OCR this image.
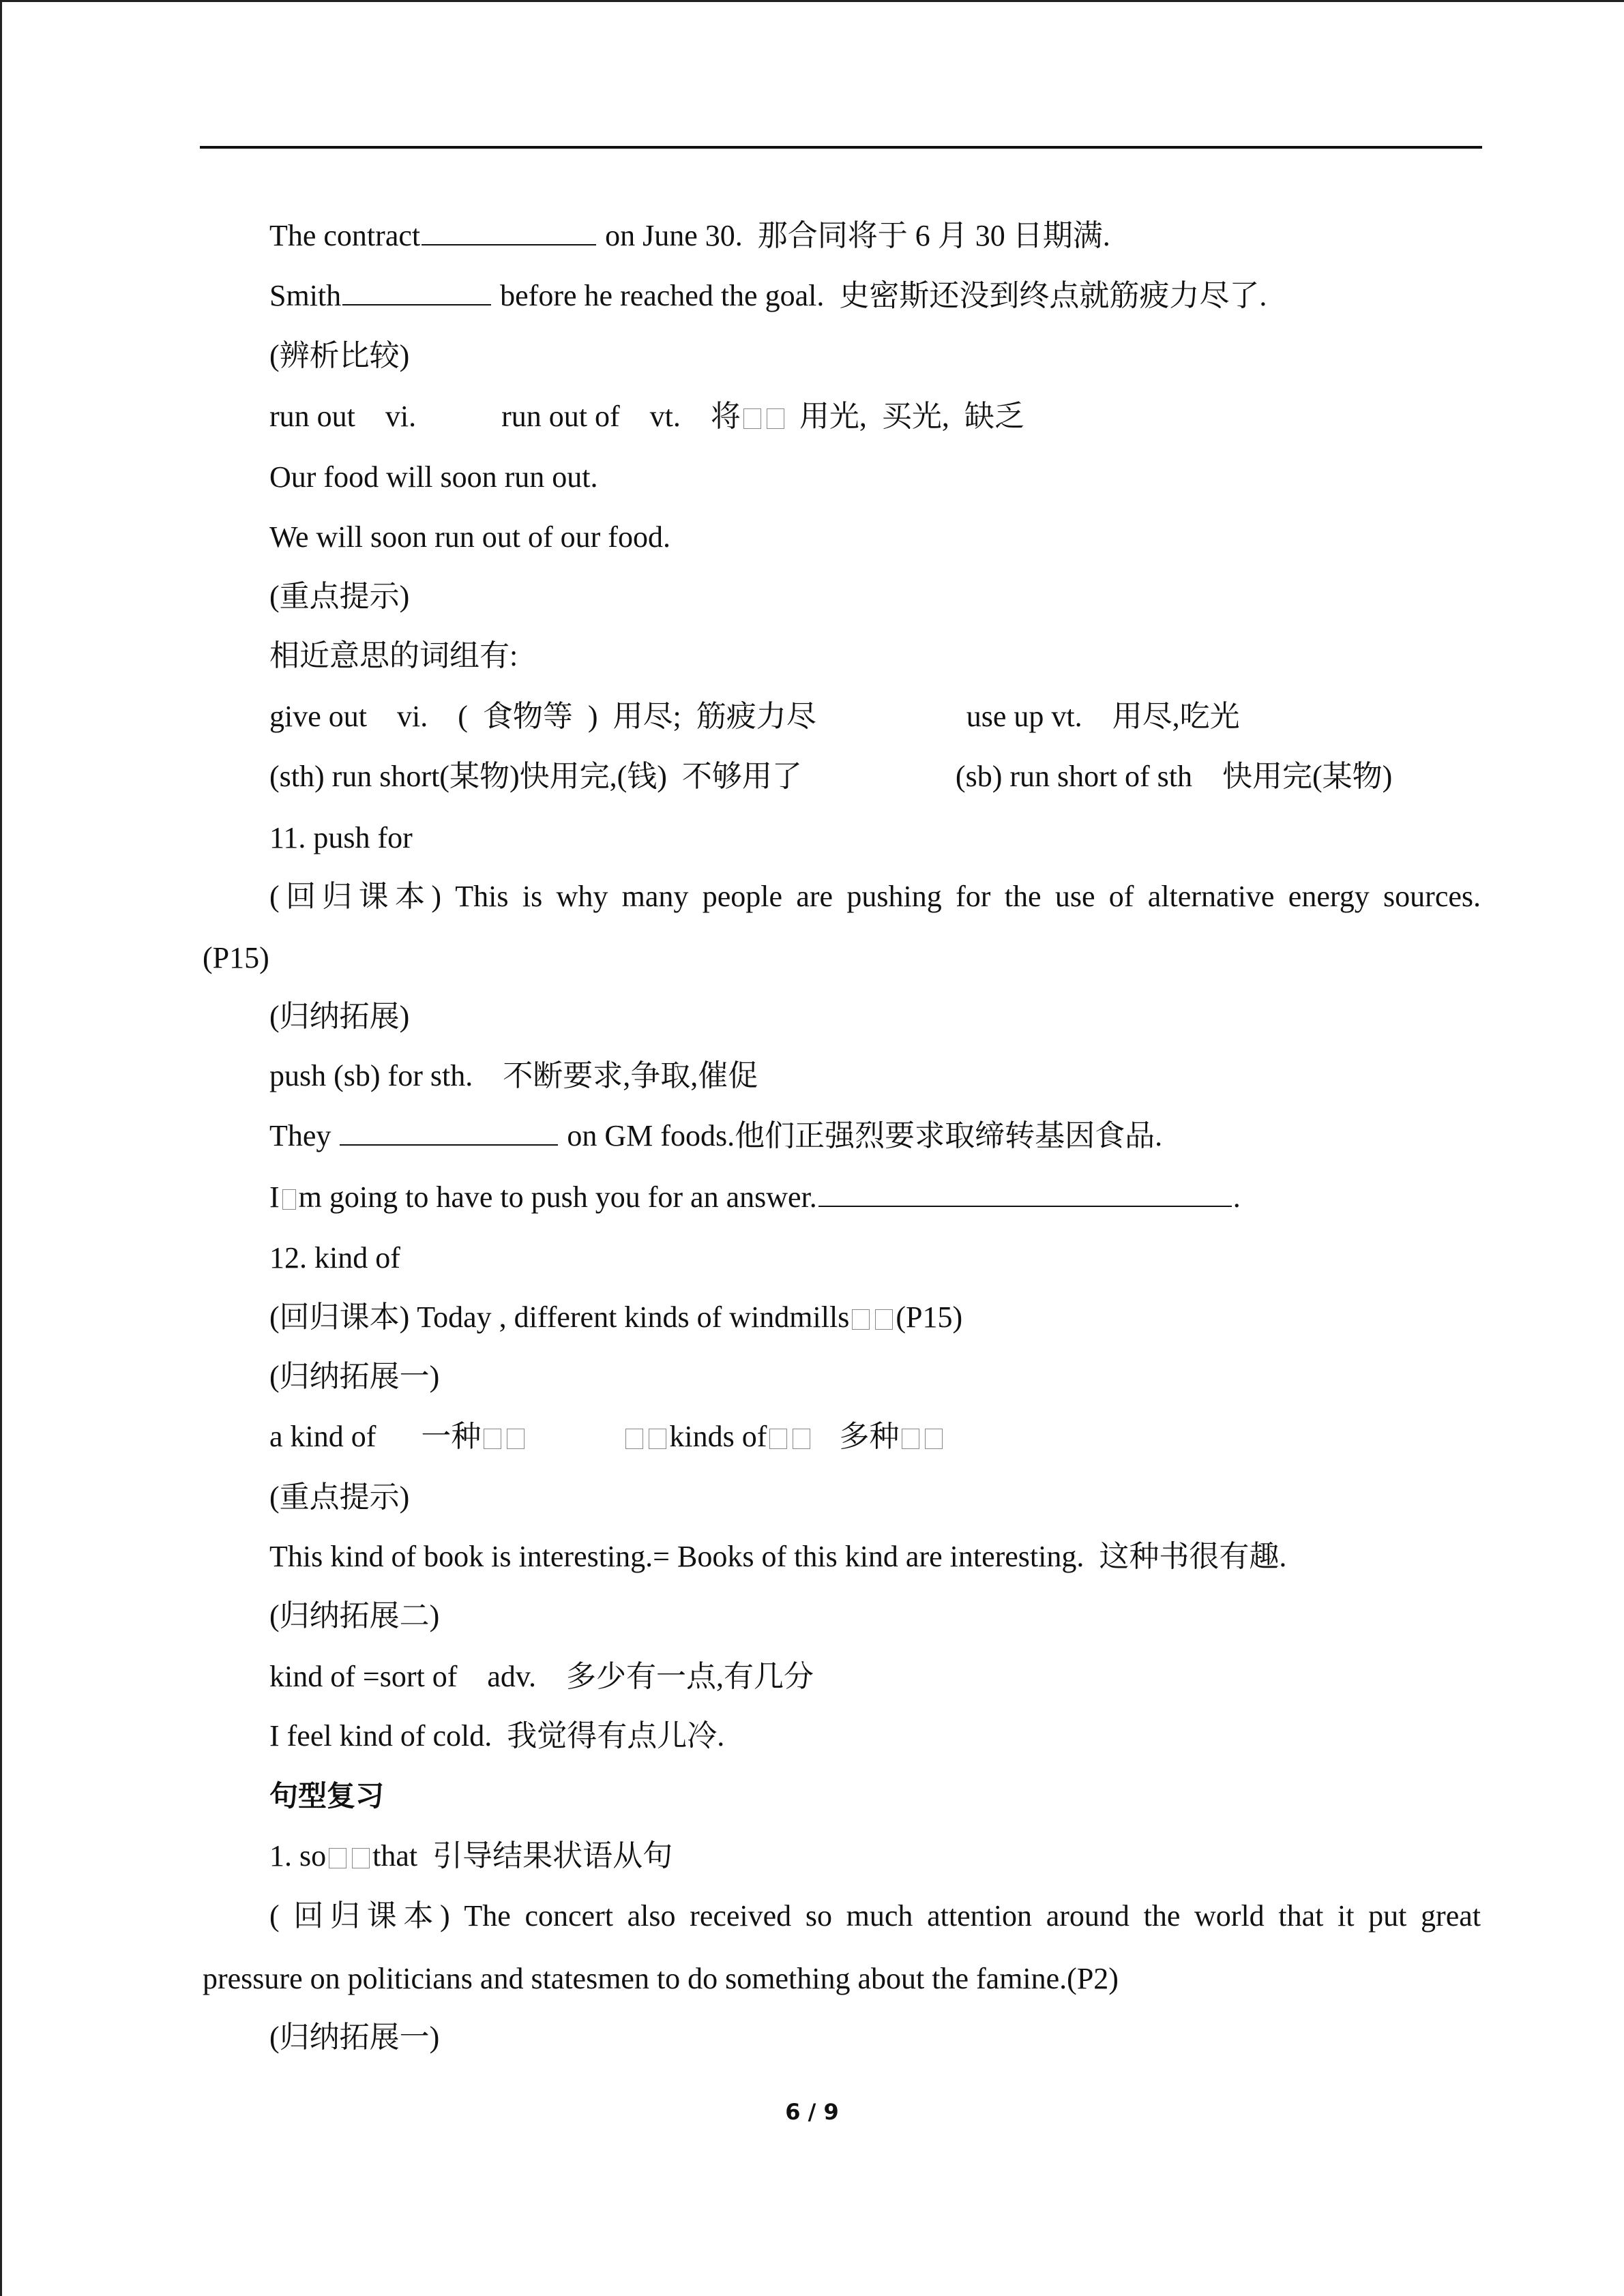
The contract	on June 30.  那合同将于 6 月 30 日期满.
Smith	before he reached the goal.  史密斯还没到终点就筋疲力尽了.
(辨析比较)
run out    vi.	run out of    vt.    将 用光,  买光,  缺乏
Our food will soon run out.
We will soon run out of our food.
(重点提示)
相近意思的词组有:
give out    vi.    (  食物等  )  用尽;  筋疲力尽	use up vt.    用尽,吃光
(sth) run short(某物)快用完,(钱)  不够用了	(sb) run short of sth    快用完(某物)
11. push for
(回归课本) This is why many people are pushing for the use of alternative energy sources.
(P15)
(归纳拓展)
push (sb) for sth.    不断要求,争取,催促
They	on GM foods.他们正强烈要求取缔转基因食品.
I m going to have to push you for an answer.	.
12. kind of
(回归课本) Today , different kinds of windmills (P15)
(归纳拓展一)
a kind of      一种	kinds of 多种
(重点提示)
This kind of book is interesting.= Books of this kind are interesting.  这种书很有趣.
(归纳拓展二)
kind of =sort of    adv.    多少有一点,有几分
I feel kind of cold.  我觉得有点儿冷.
句型复习
1. so that  引导结果状语从句
( 回归课本) The concert also received so much attention around the world that it put great
pressure on politicians and statesmen to do something about the famine.(P2)
(归纳拓展一)
6 / 9
